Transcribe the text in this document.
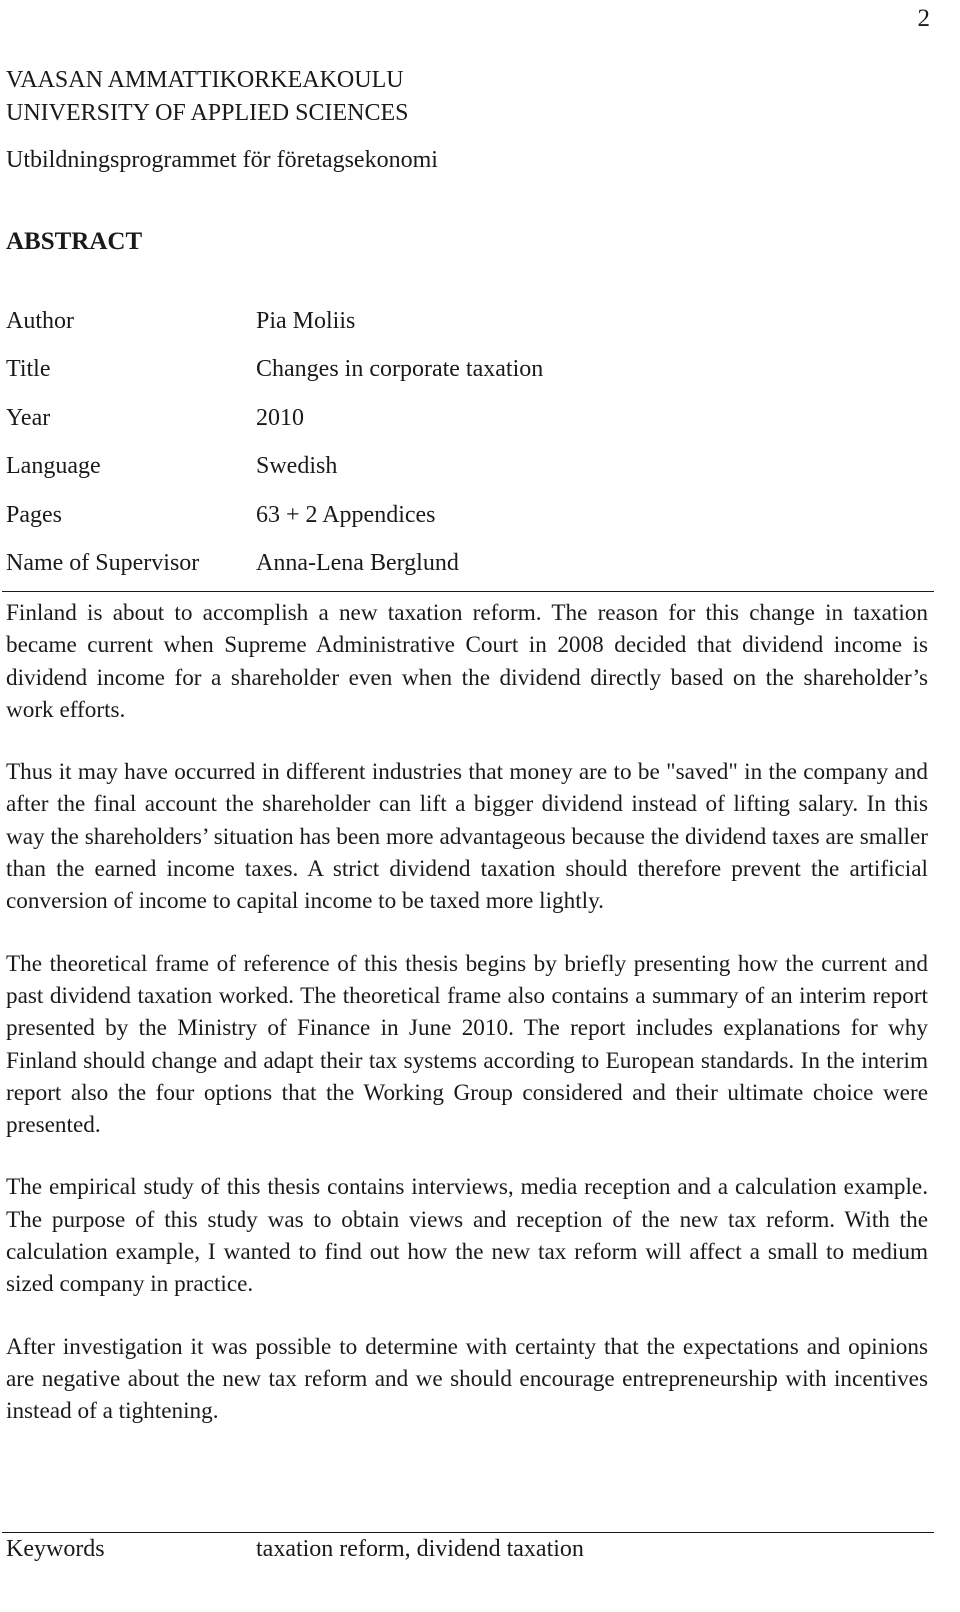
2
VAASAN AMMATTIKORKEAKOULU
UNIVERSITY OF APPLIED SCIENCES
Utbildningsprogrammet för företagsekonomi
ABSTRACT
Author	Pia Moliis
Title	Changes in corporate taxation
Year	2010
Language	Swedish
Pages	63 + 2 Appendices
Name of Supervisor	Anna-Lena Berglund

Finland is about to accomplish a new taxation reform. The reason for this change in taxation became current when Supreme Administrative Court in 2008 decided that dividend income is dividend income for a shareholder even when the dividend directly based on the shareholder’s work efforts.

Thus it may have occurred in different industries that money are to be "saved" in the company and after the final account the shareholder can lift a bigger dividend instead of lifting salary. In this way the shareholders’ situation has been more advantageous because the dividend taxes are smaller than the earned income taxes. A strict dividend taxation should therefore prevent the artificial conversion of income to capital income to be taxed more lightly.

The theoretical frame of reference of this thesis begins by briefly presenting how the current and past dividend taxation worked. The theoretical frame also contains a summary of an interim report presented by the Ministry of Finance in June 2010. The report includes explanations for why Finland should change and adapt their tax systems according to European standards. In the interim report also the four options that the Working Group considered and their ultimate choice were presented.

The empirical study of this thesis contains interviews, media reception and a calculation example. The purpose of this study was to obtain views and reception of the new tax reform. With the calculation example, I wanted to find out how the new tax reform will affect a small to medium sized company in practice.

After investigation it was possible to determine with certainty that the expectations and opinions are negative about the new tax reform and we should encourage entrepreneurship with incentives instead of a tightening.

Keywords	taxation reform, dividend taxation
